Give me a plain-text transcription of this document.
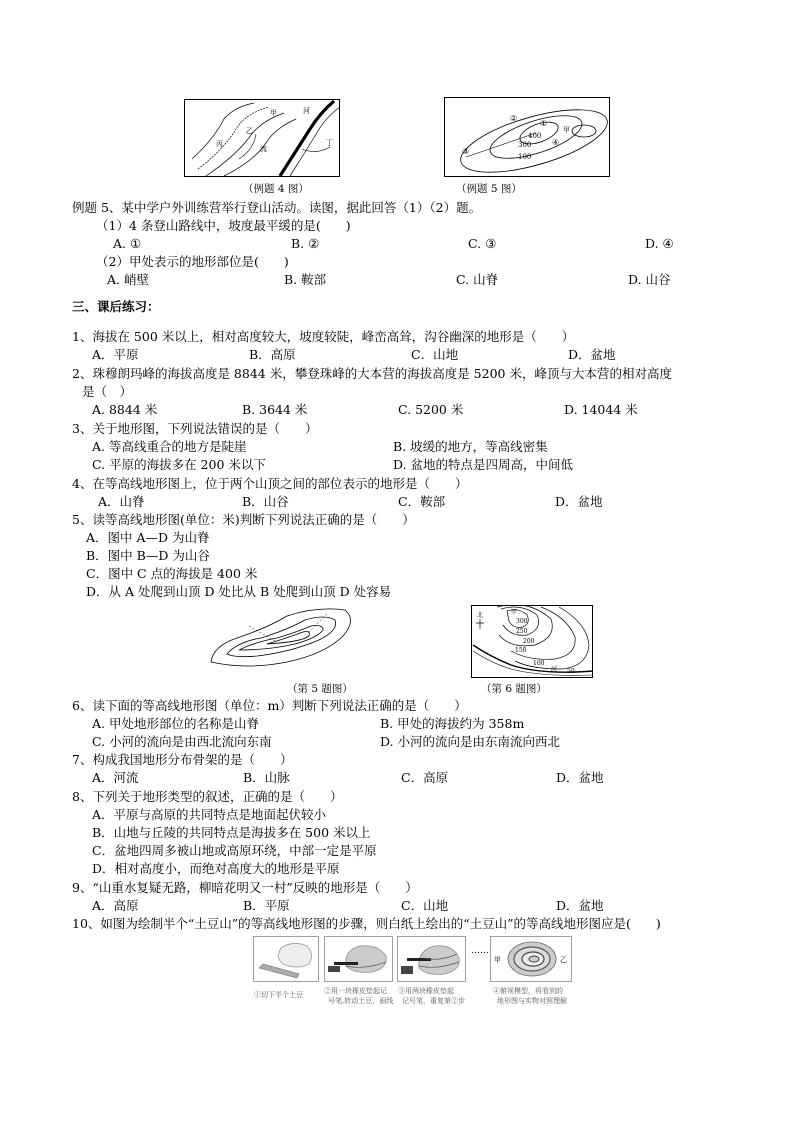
甲	河
乙
丙
流
丁
（例题 4 图）
甲
400
300
100
①
②
③
④
（例题 5 图）
例题 5、某中学户外训练营举行登山活动。读图，据此回答（1）（2）题。
（1）4 条登山路线中，坡度最平缓的是(　　)
A. ①	B. ②	C. ③	D. ④
（2）甲处表示的地形部位是(　　)
A. 峭壁	B. 鞍部	C. 山脊	D. 山谷
三、课后练习：
1、海拔在 500 米以上，相对高度较大，坡度较陡，峰峦高耸，沟谷幽深的地形是（　　）
A．平原	B．高原	C．山地	D．盆地
2、珠穆朗玛峰的海拔高度是 8844 米，攀登珠峰的大本营的海拔高度是 5200 米，峰顶与大本营的相对高度
是（　）
A. 8844 米	B. 3644 米	C. 5200 米	D. 14044 米
3、关于地形图，下列说法错误的是（　　）
A. 等高线重合的地方是陡崖	B. 坡缓的地方，等高线密集
C. 平原的海拔多在 200 米以下	D. 盆地的特点是四周高，中间低
4、在等高线地形图上，位于两个山顶之间的部位表示的地形是（　　）
A．山脊	B．山谷	C．鞍部	D．盆地
5、读等高线地形图(单位：米)判断下列说法正确的是（　　）
A．图中 A—D 为山脊
B．图中 B—D 为山谷
C．图中 C 点的海拔是 400 米
D．从 A 处爬到山顶 D 处比从 B 处爬到山顶 D 处容易
甲
300
250
200
150
100
50
河
北
（第 5 题图）	（第 6 题图）
6、读下面的等高线地形图（单位：m）判断下列说法正确的是（　　）
A. 甲处地形部位的名称是山脊	B. 甲处的海拔约为 358m
C. 小河的流向是由西北流向东南	D. 小河的流向是由东南流向西北
7、构成我国地形分布骨架的是（　　）
A．河流	B．山脉	C．高原	D．盆地
8、下列关于地形类型的叙述，正确的是（　　）
A．平原与高原的共同特点是地面起伏较小
B．山地与丘陵的共同特点是海拔多在 500 米以上
C．盆地四周多被山地或高原环绕，中部一定是平原
D．相对高度小，而绝对高度大的地形是平原
9、“山重水复疑无路，柳暗花明又一村”反映的地形是（　　）
A．高原	B．平原	C．山地	D．盆地
10、如图为绘制半个“土豆山”的等高线地形图的步骤，则白纸上绘出的“土豆山”的等高线地形图应是(　　)
……
甲	乙
①切下半个土豆	②用一块橡皮垫起记
号笔,转动土豆，画线
③用两块橡皮垫起
记号笔，重复第②步
④俯视模型，将看到的
地形图与实物对照理解
